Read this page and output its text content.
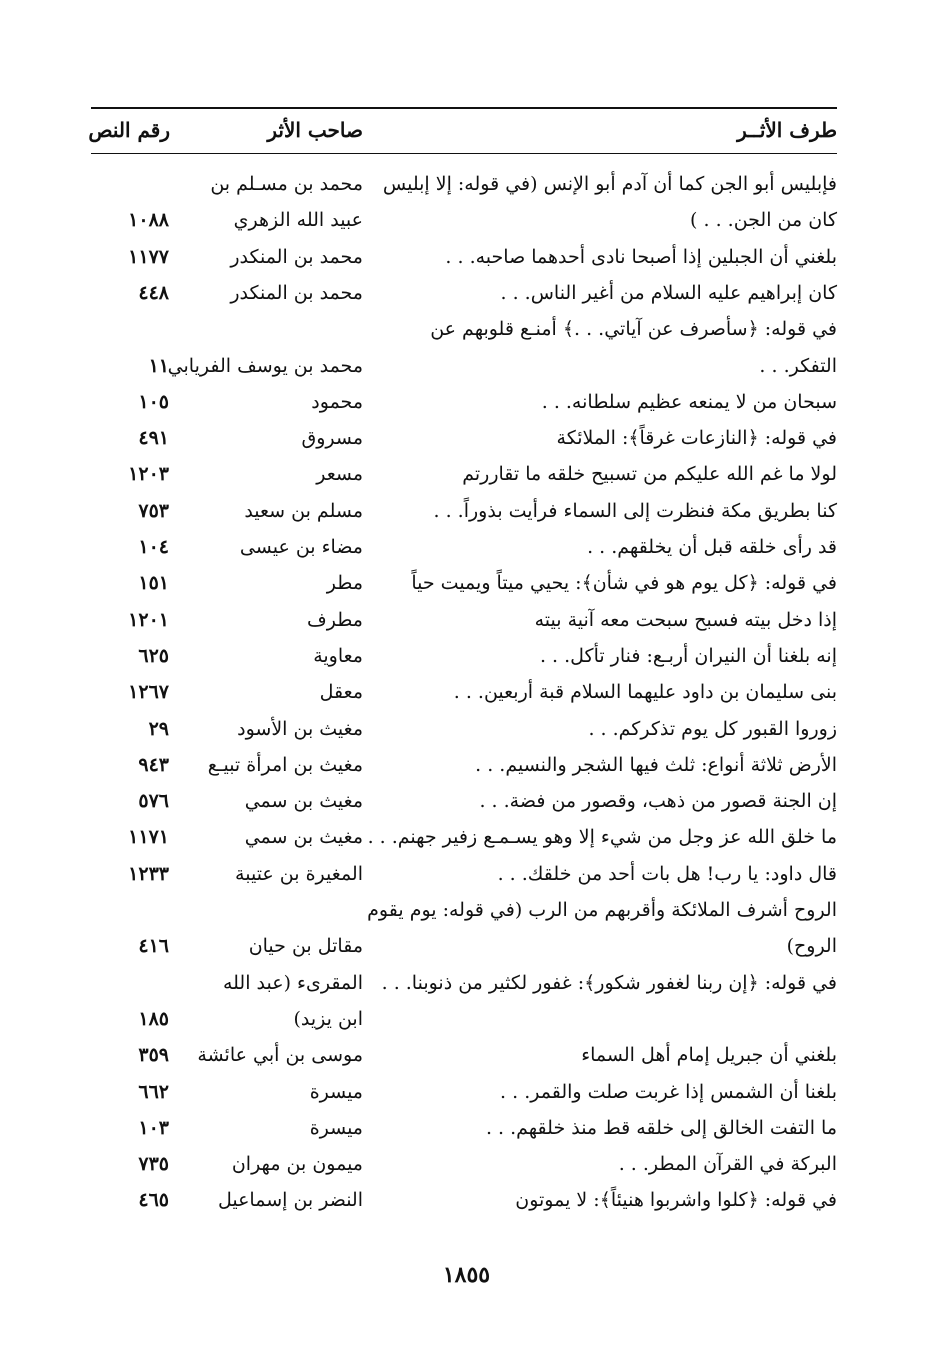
طرف الأثــر
صاحب الأثر
رقم النص
فإبليس أبو الجن كما أن آدم أبو الإنس (في قوله: إلا إبليس
محمد بن مسـلم بن
كان من الجن. . . )
عبيد الله الزهري
١٠٨٨
بلغني أن الجبلين إذا أصبحا نادى أحدهما صاحبه. . .
محمد بن المنكدر
١١٧٧
كان إبراهيم عليه السلام من أغير الناس. . .
محمد بن المنكدر
٤٤٨
في قوله: ﴿سأصرف عن آياتي. . .﴾ أمنـع قلوبهم عن
التفكر. . .
محمد بن يوسف الفريابي
١١
سبحان من لا يمنعه عظيم سلطانه. . .
محمود
١٠٥
في قوله: ﴿النازعات غرقاً﴾: الملائكة
مسروق
٤٩١
لولا ما غم الله عليكم من تسبيح خلقه ما تقاررتم
مسعر
١٢٠٣
كنا بطريق مكة فنظرت إلى السماء فرأيت بذوراً. . .
مسلم بن سعيد
٧٥٣
قد رأى خلقه قبل أن يخلقهم. . .
مضاء بن عيسى
١٠٤
في قوله: ﴿كل يوم هو في شأن﴾: يحيي ميتاً ويميت حياً
مطر
١٥١
إذا دخل بيته فسبح سبحت معه آنية بيته
مطرف
١٢٠١
إنه بلغنا أن النيران أربـع: فنار تأكل. . .
معاوية
٦٢٥
بنى سليمان بن داود عليهما السلام قبة أربعين. . .
معقل
١٢٦٧
زوروا القبور كل يوم تذكركم. . .
مغيث بن الأسود
٢٩
الأرض ثلاثة أنواع: ثلث فيها الشجر والنسيم. . .
مغيث بن امرأة تبيـع
٩٤٣
إن الجنة قصور من ذهب، وقصور من فضة. . .
مغيث بن سمي
٥٧٦
ما خلق الله عز وجل من شيء إلا وهو يسـمـع زفير جهنم. . .
مغيث بن سمي
١١٧١
قال داود: يا رب! هل بات أحد من خلقك. . .
المغيرة بن عتيبة
١٢٣٣
الروح أشرف الملائكة وأقربهم من الرب (في قوله: يوم يقوم
الروح)
مقاتل بن حيان
٤١٦
في قوله: ﴿إن ربنا لغفور شكور﴾: غفور لكثير من ذنوبنا. . .
المقرىء (عبد الله
ابن يزيد)
١٨٥
بلغني أن جبريل إمام أهل السماء
موسى بن أبي عائشة
٣٥٩
بلغنا أن الشمس إذا غربت صلت والقمر. . .
ميسرة
٦٦٢
ما التفت الخالق إلى خلقه قط منذ خلقهم. . .
ميسرة
١٠٣
البركة في القرآن المطر. . .
ميمون بن مهران
٧٣٥
في قوله: ﴿كلوا واشربوا هنيئاً﴾: لا يموتون
النضر بن إسماعيل
٤٦٥
١٨٥٥
